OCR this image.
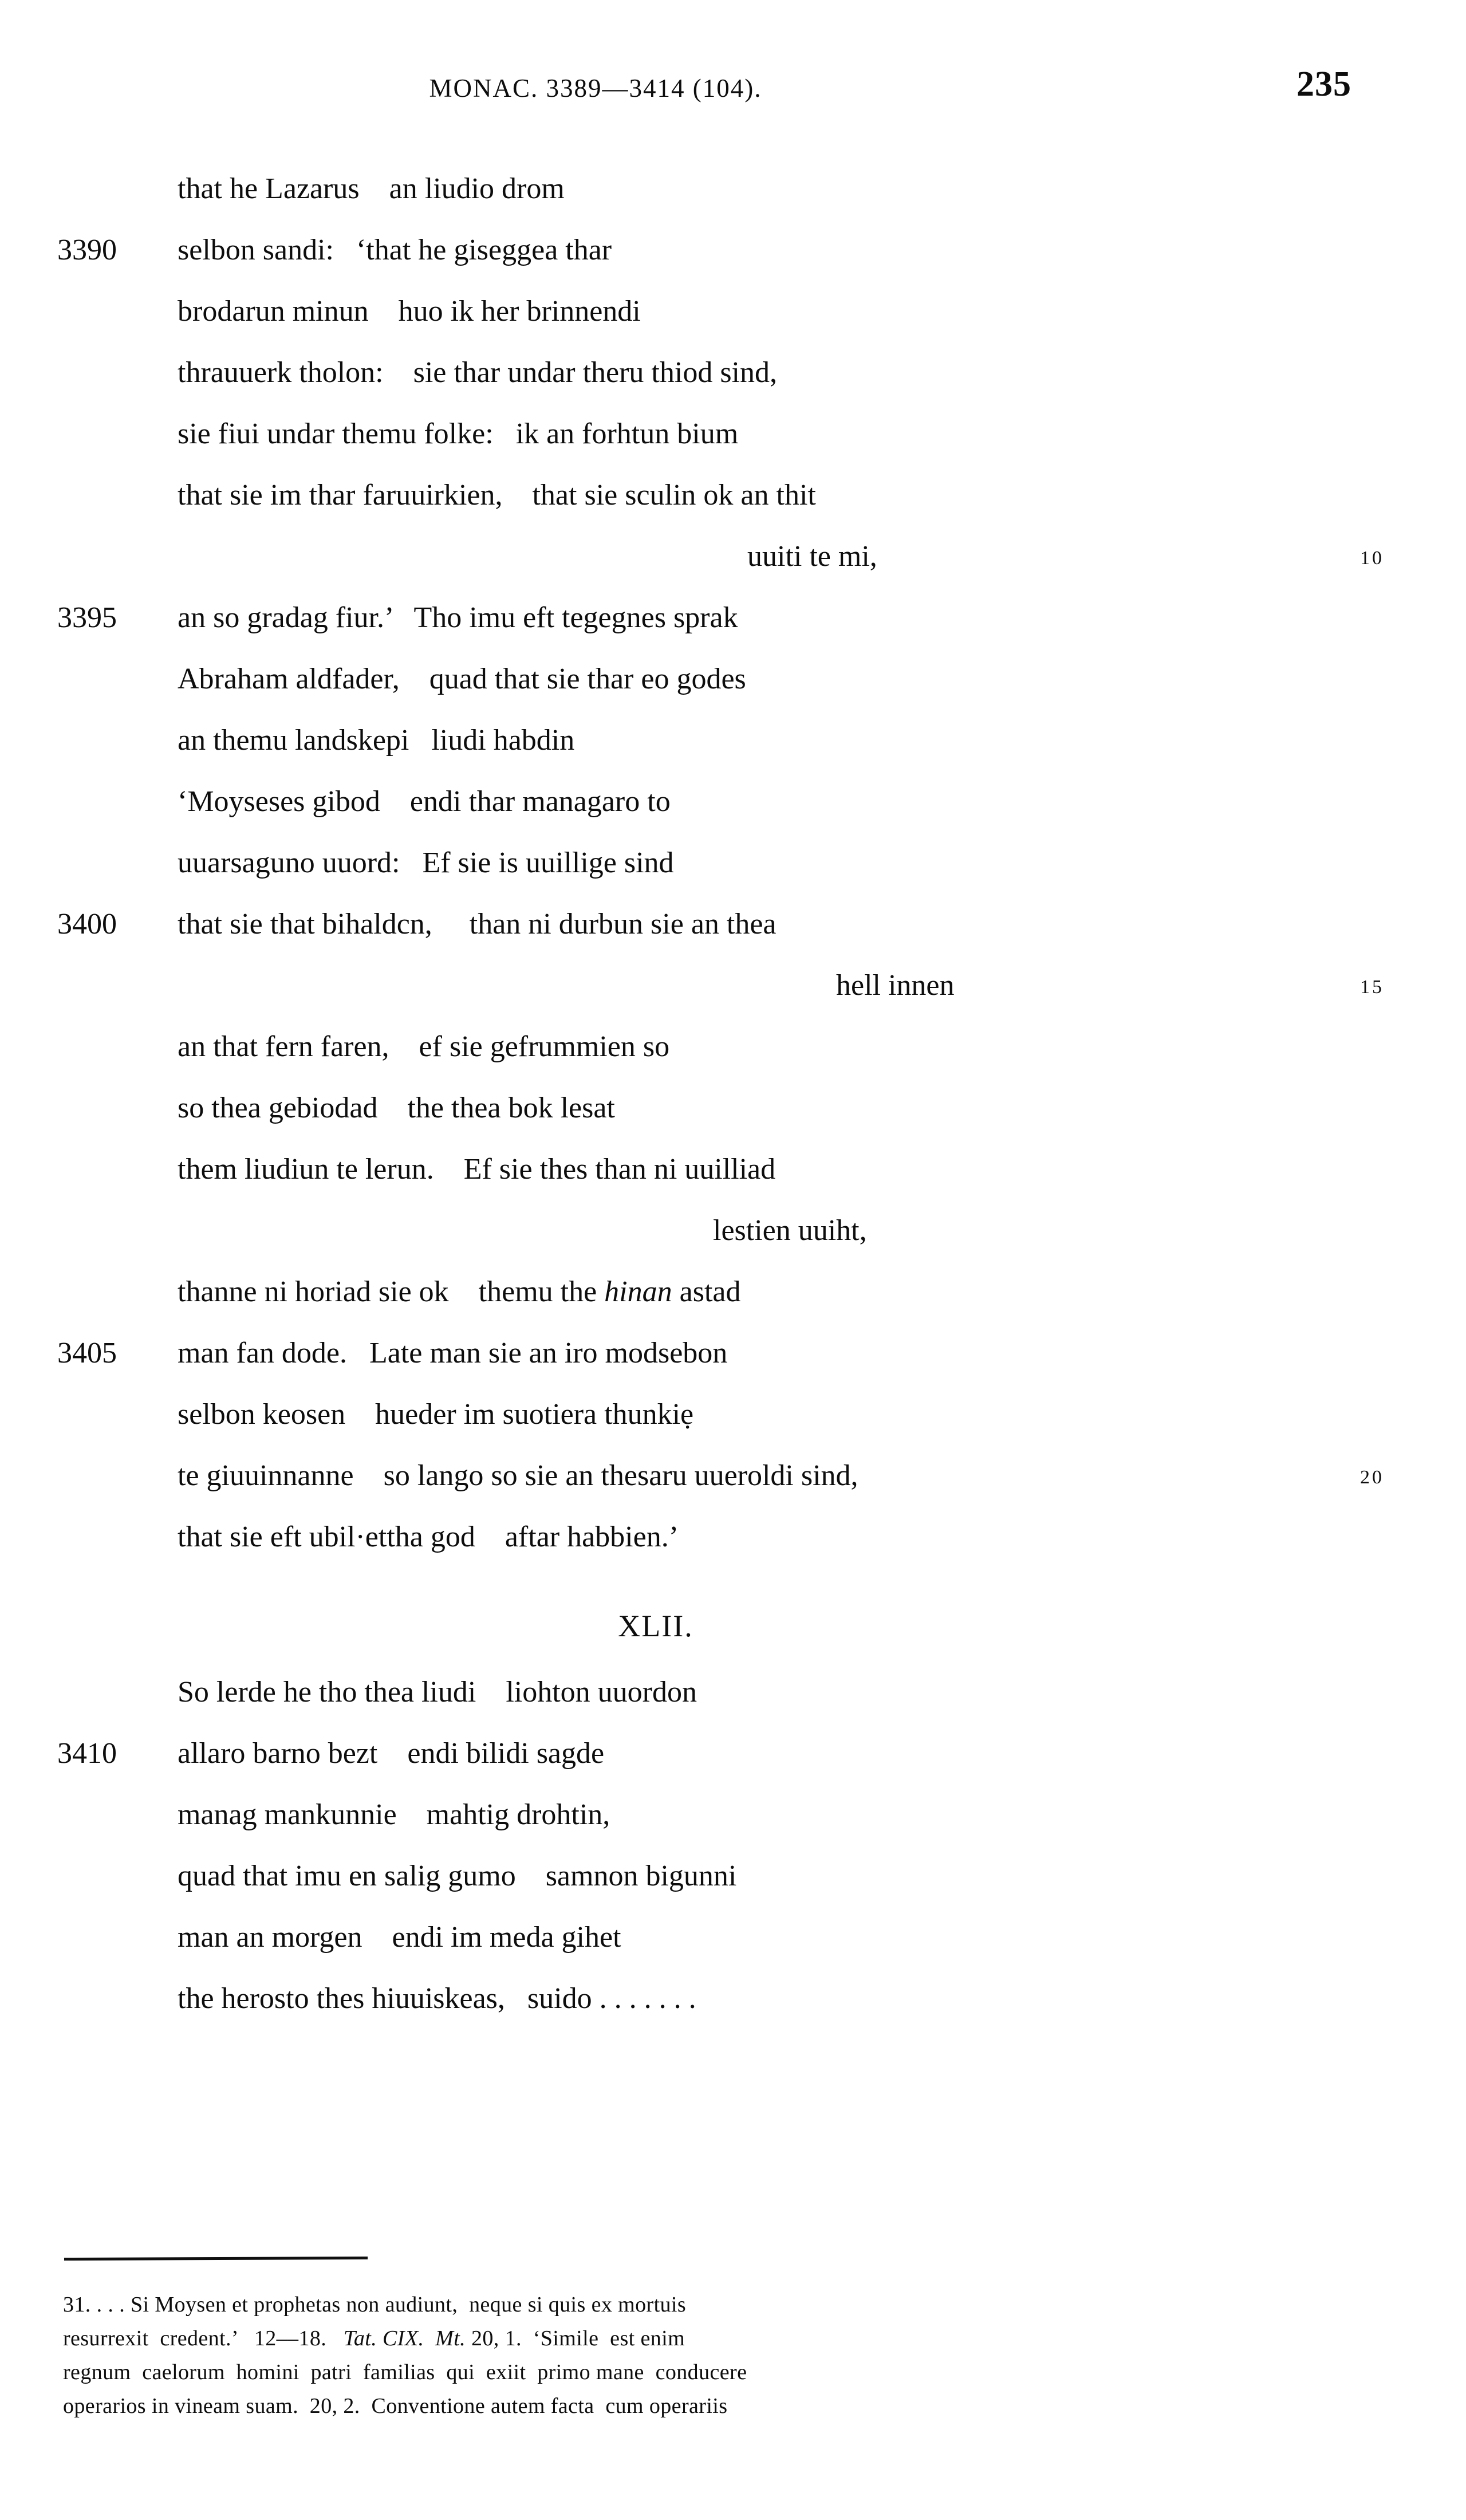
MONAC. 3389—3414 (104).	235
that he Lazarus    an liudio drom
3390	selbon sandi:   ‘that he giseggea thar
brodarun minun    huo ik her brinnendi
thrauuerk tholon:    sie thar undar theru thiod sind,
sie fiui undar themu folke:   ik an forhtun bium
that sie im thar faruuirkien,    that sie sculin ok an thit
uuiti te mi,	10
3395	an so gradag fiur.’   Tho imu eft tegegnes sprak
Abraham aldfader,    quad that sie thar eo godes
an themu landskepi   liudi habdin
‘Moyseses gibod    endi thar managaro to
uuarsaguno uuord:   Ef sie is uuillige sind
3400	that sie that bihaldcn,     than ni durbun sie an thea
hell innen	15
an that fern faren,    ef sie gefrummien so
so thea gebiodad    the thea bok lesat
them liudiun te lerun.    Ef sie thes than ni uuilliad
lestien uuiht,
thanne ni horiad sie ok    themu the hinan astad
3405	man fan dode.   Late man sie an iro modsebon
selbon keosen    hueder im suotiera thunkiẹ
te giuuinnanne    so lango so sie an thesaru uueroldi sind,	20
that sie eft ubil·ettha god    aftar habbien.’
XLII.
So lerde he tho thea liudi    liohton uuordon
3410	allaro barno bezt    endi bilidi sagde
manag mankunnie    mahtig drohtin,
quad that imu en salig gumo    samnon bigunni
man an morgen    endi im meda gihet
the herosto thes hiuuiskeas,   suido . . . . . . .
31. . . . Si Moysen et prophetas non audiunt,  neque si quis ex mortuis
resurrexit  credent.’   12––18.   Tat. CIX. Mt. 20, 1.  ‘Simile  est enim
regnum  caelorum  homini  patri  familias  qui  exiit  primo mane  conducere
operarios in vineam suam.  20, 2.  Conventione autem facta  cum operariis
